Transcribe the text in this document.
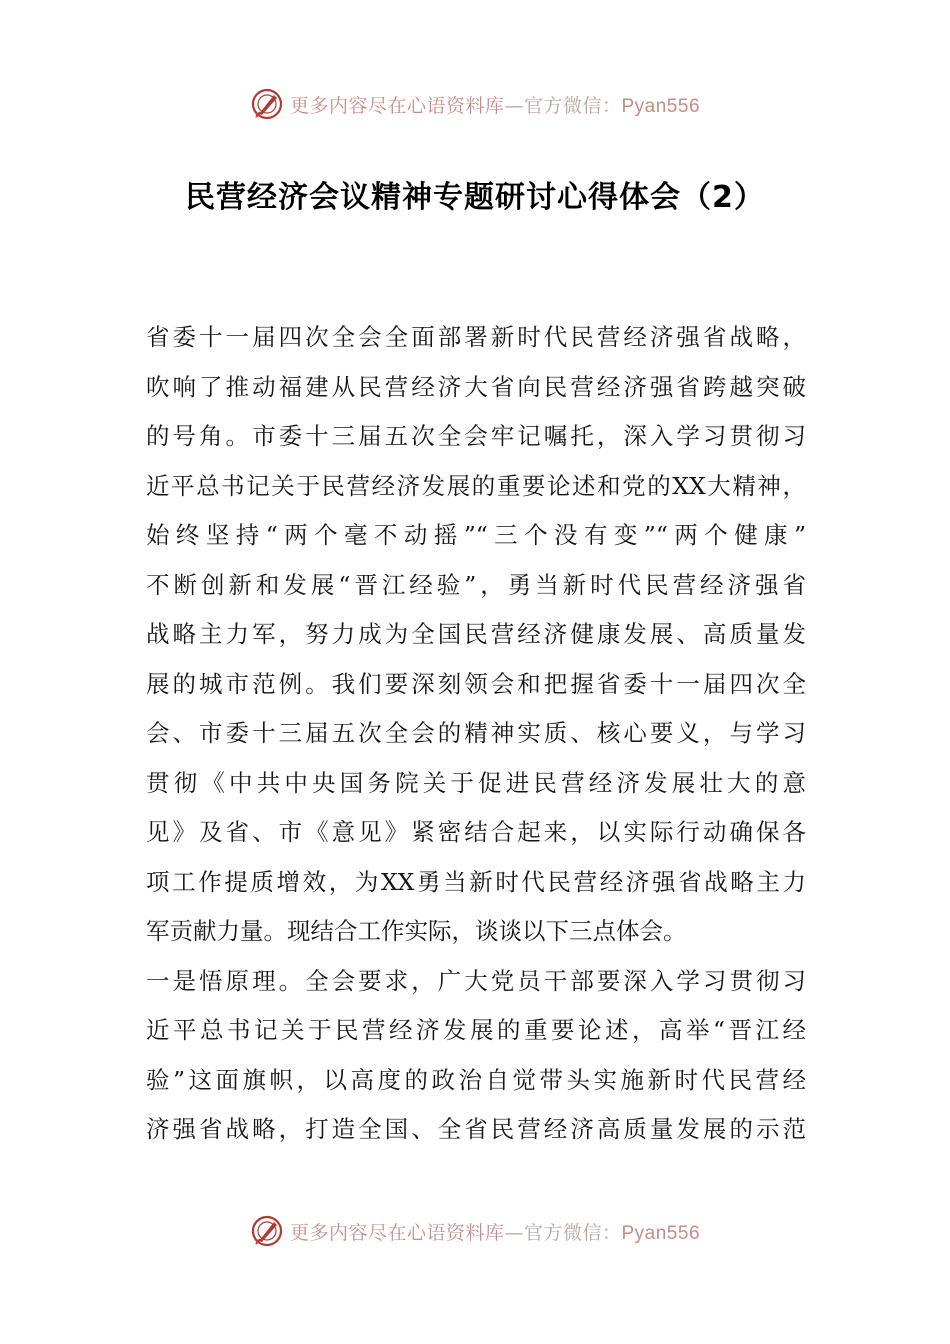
更多内容尽在心语资料库—官方微信：Pyan556
民营经济会议精神专题研讨心得体会（2）
省委十一届四次全会全面部署新时代民营经济强省战略，
吹响了推动福建从民营经济大省向民营经济强省跨越突破
的号角。市委十三届五次全会牢记嘱托，深入学习贯彻习
近平总书记关于民营经济发展的重要论述和党的XX大精神，
始终坚持“两个毫不动摇”“三个没有变”“两个健康”
不断创新和发展“晋江经验”，勇当新时代民营经济强省
战略主力军，努力成为全国民营经济健康发展、高质量发
展的城市范例。我们要深刻领会和把握省委十一届四次全
会、市委十三届五次全会的精神实质、核心要义，与学习
贯彻《中共中央国务院关于促进民营经济发展壮大的意
见》及省、市《意见》紧密结合起来，以实际行动确保各
项工作提质增效，为XX勇当新时代民营经济强省战略主力
军贡献力量。现结合工作实际，谈谈以下三点体会。
一是悟原理。全会要求，广大党员干部要深入学习贯彻习
近平总书记关于民营经济发展的重要论述，高举“晋江经
验”这面旗帜，以高度的政治自觉带头实施新时代民营经
济强省战略，打造全国、全省民营经济高质量发展的示范
更多内容尽在心语资料库—官方微信：Pyan556
